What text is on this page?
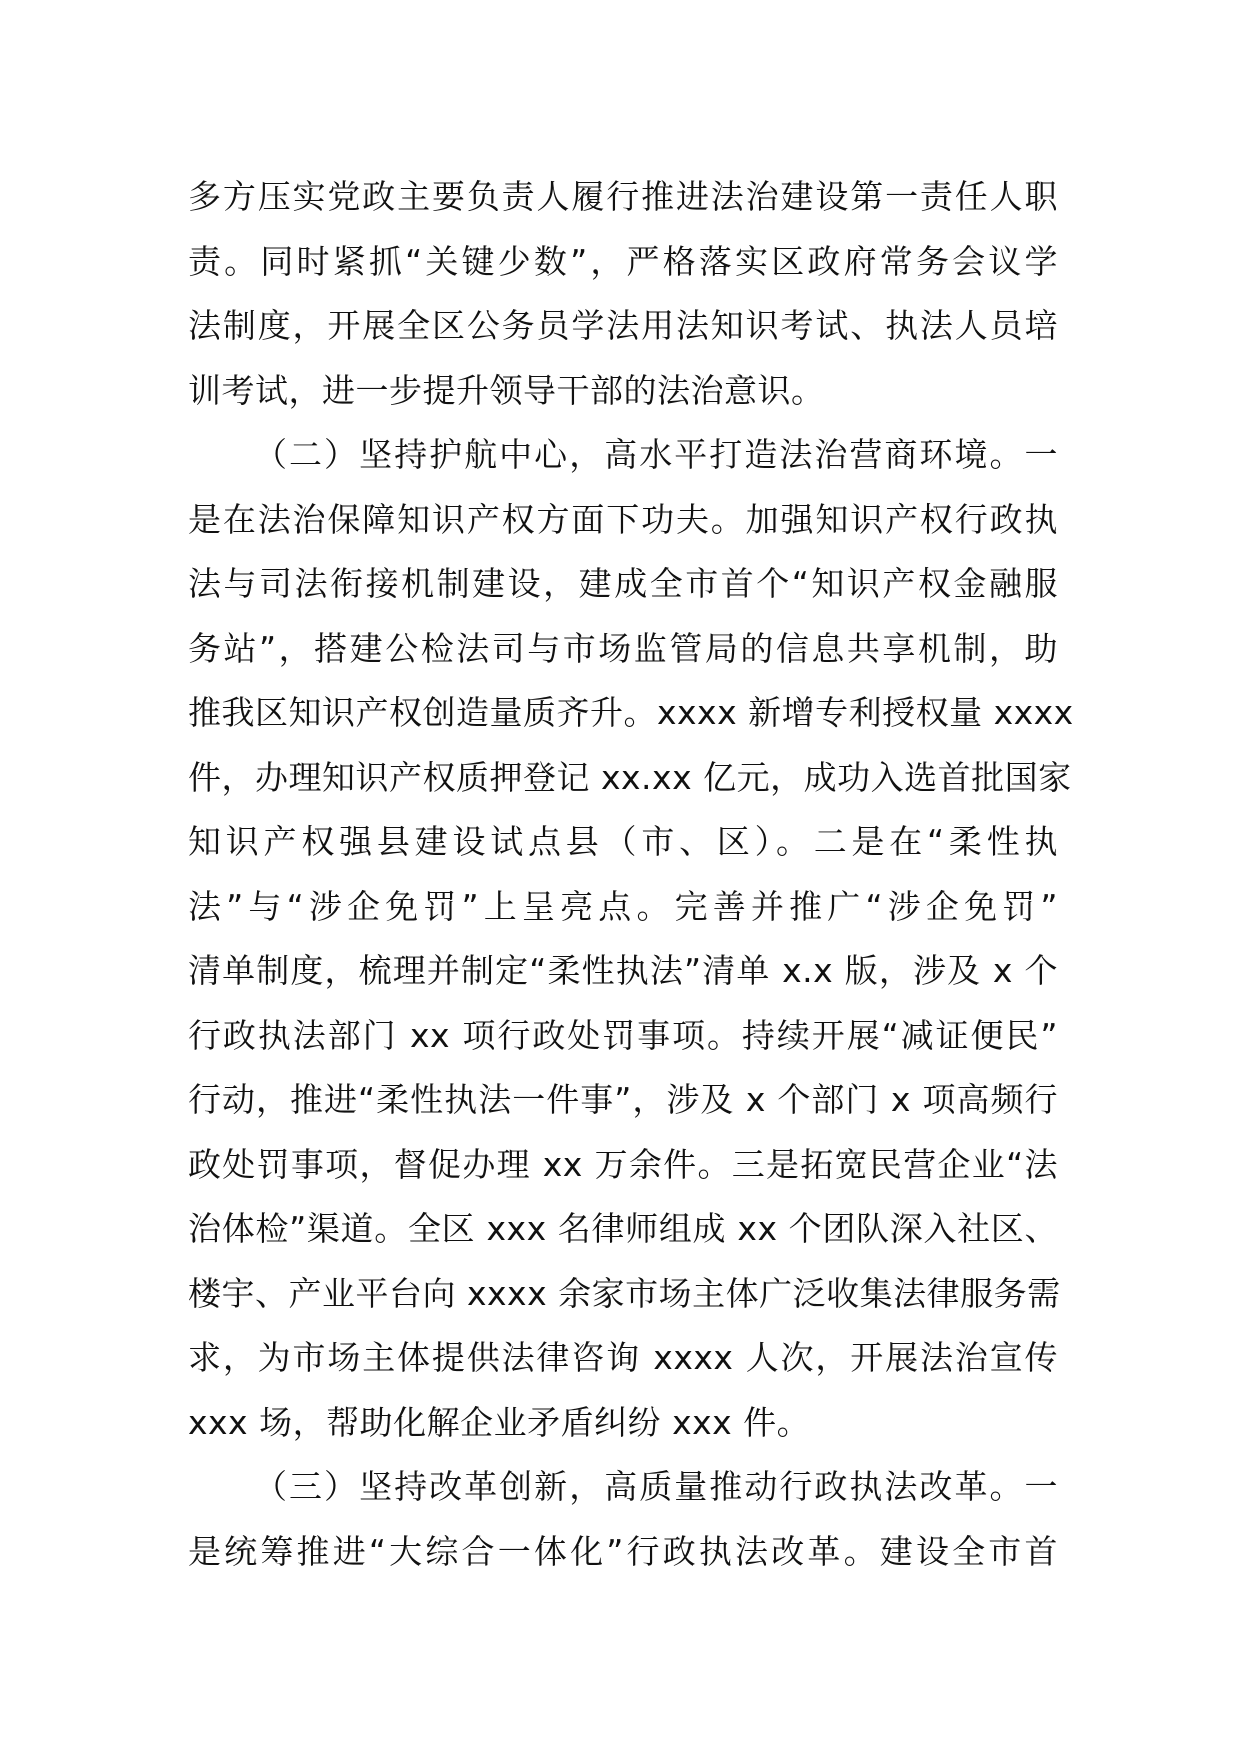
多方压实党政主要负责人履行推进法治建设第一责任人职
责。同时紧抓“关键少数”，严格落实区政府常务会议学
法制度，开展全区公务员学法用法知识考试、执法人员培
训考试，进一步提升领导干部的法治意识。
（二）坚持护航中心，高水平打造法治营商环境。一
是在法治保障知识产权方面下功夫。加强知识产权行政执
法与司法衔接机制建设，建成全市首个“知识产权金融服
务站”，搭建公检法司与市场监管局的信息共享机制，助
推我区知识产权创造量质齐升。xxxx 新增专利授权量 xxxx
件，办理知识产权质押登记 xx.xx 亿元，成功入选首批国家
知识产权强县建设试点县（市、区）。二是在“柔性执
法”与“涉企免罚”上呈亮点。完善并推广“涉企免罚”
清单制度，梳理并制定“柔性执法”清单 x.x 版，涉及 x 个
行政执法部门 xx 项行政处罚事项。持续开展“减证便民”
行动，推进“柔性执法一件事”，涉及 x 个部门 x 项高频行
政处罚事项，督促办理 xx 万余件。三是拓宽民营企业“法
治体检”渠道。全区 xxx 名律师组成 xx 个团队深入社区、
楼宇、产业平台向 xxxx 余家市场主体广泛收集法律服务需
求，为市场主体提供法律咨询 xxxx 人次，开展法治宣传
xxx 场，帮助化解企业矛盾纠纷 xxx 件。
（三）坚持改革创新，高质量推动行政执法改革。一
是统筹推进“大综合一体化”行政执法改革。建设全市首
